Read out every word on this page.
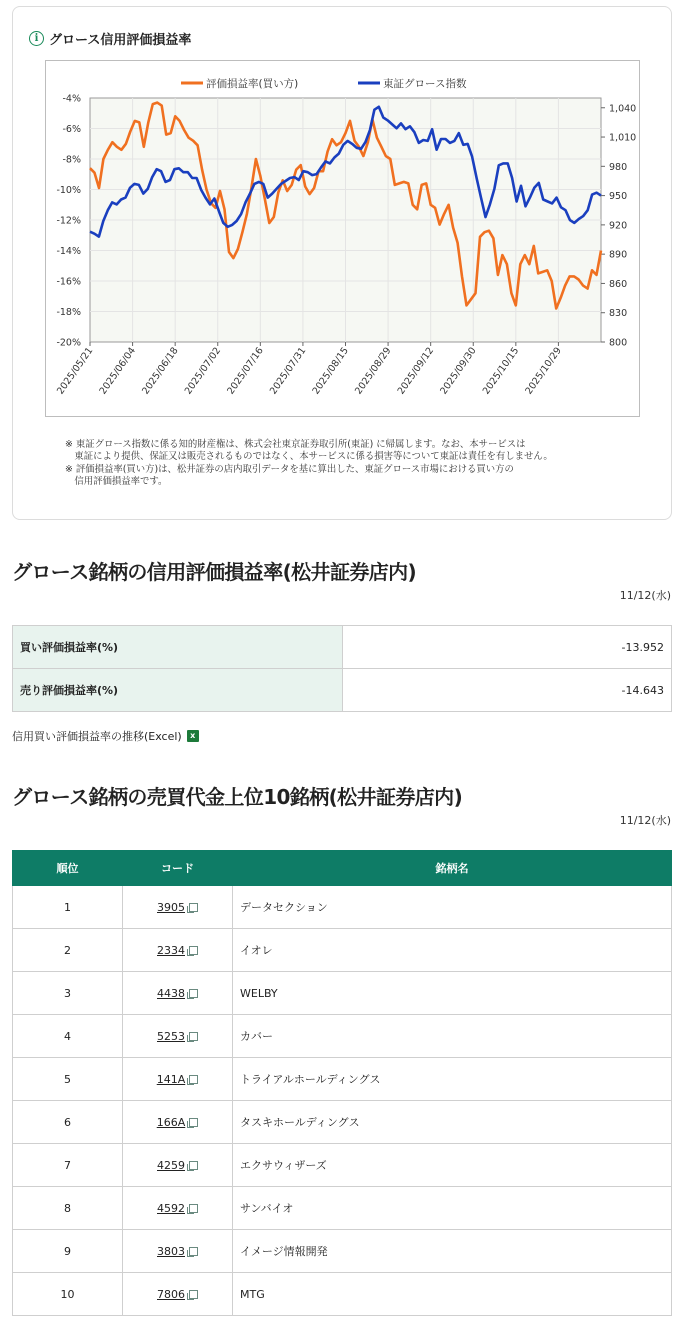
i グロース信用評価損益率
-4%
-6%
-8%
-10%
-12%
-14%
-16%
-18%
-20%
1,040
1,010
980
950
920
890
860
830
800
2025/05/21 2025/06/04 2025/06/18 2025/07/02 2025/07/16 2025/07/31 2025/08/15 2025/08/29 2025/09/12 2025/09/30 2025/10/15 2025/10/29
評価損益率(買い方)	東証グロース指数

※ 東証グロース指数に係る知的財産権は、株式会社東京証券取引所(東証) に帰属します。なお、本サービスは
　東証により提供、保証又は販売されるものではなく、本サービスに係る損害等について東証は責任を有しません。

※ 評価損益率(買い方)は、松井証券の店内取引データを基に算出した、東証グロース市場における買い方の
　信用評価損益率です。

グロース銘柄の信用評価損益率(松井証券店内)
11/12(水)
買い評価損益率(%)	-13.952
売り評価損益率(%)	-14.643
信用買い評価損益率の推移(Excel)	x
グロース銘柄の売買代金上位10銘柄(松井証券店内)
11/12(水)
順位	コード	銘柄名
1	3905	データセクション
2	2334	イオレ
3	4438	WELBY
4	5253	カバー
5	141A	トライアルホールディングス
6	166A	タスキホールディングス
7	4259	エクサウィザーズ
8	4592	サンバイオ
9	3803	イメージ情報開発
10	7806	MTG
